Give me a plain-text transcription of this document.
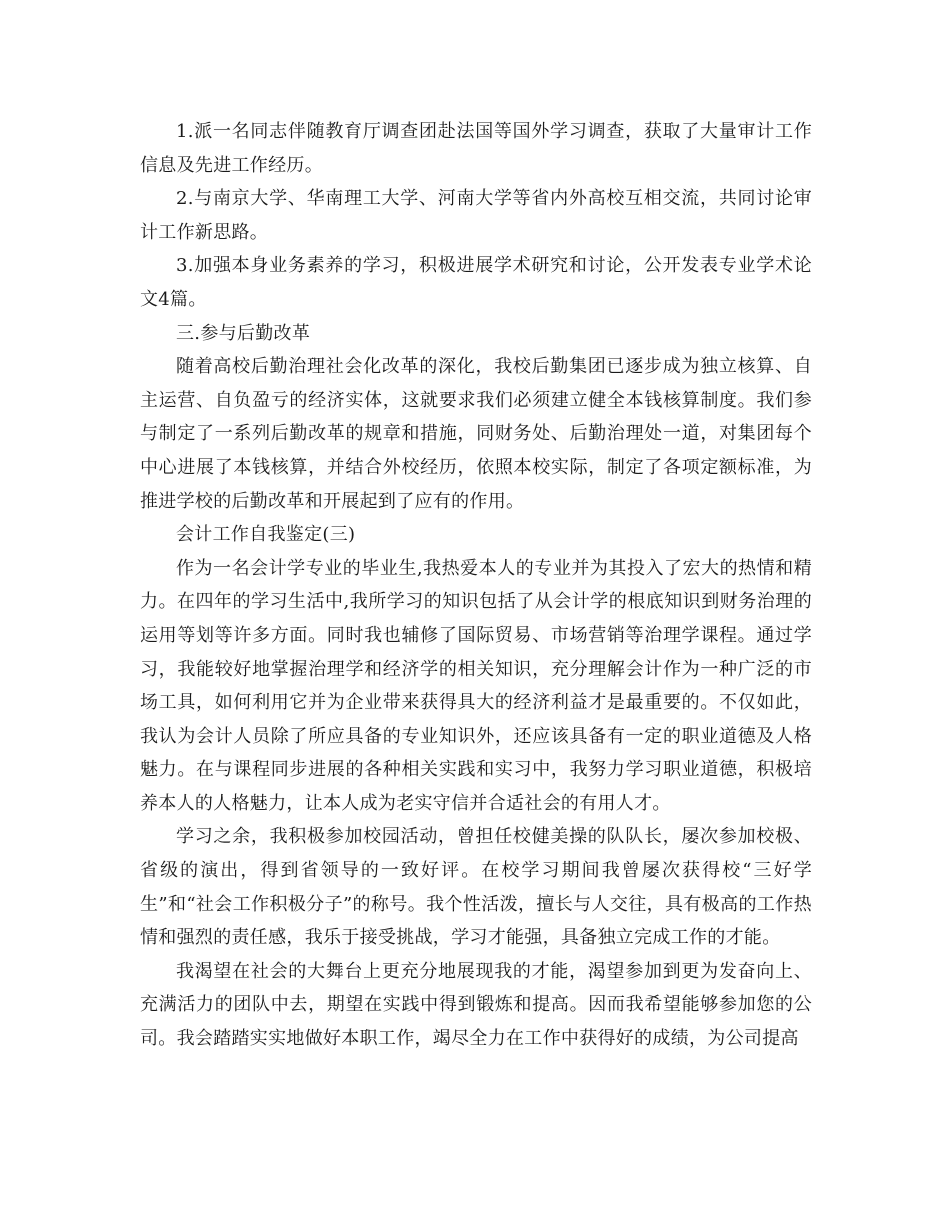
1.派一名同志伴随教育厅调查团赴法国等国外学习调查，获取了大量审计工作信息及先进工作经历。

2.与南京大学、华南理工大学、河南大学等省内外高校互相交流，共同讨论审计工作新思路。

3.加强本身业务素养的学习，积极进展学术研究和讨论，公开发表专业学术论文4篇。

三.参与后勤改革

随着高校后勤治理社会化改革的深化，我校后勤集团已逐步成为独立核算、自主运营、自负盈亏的经济实体，这就要求我们必须建立健全本钱核算制度。我们参与制定了一系列后勤改革的规章和措施，同财务处、后勤治理处一道，对集团每个中心进展了本钱核算，并结合外校经历，依照本校实际，制定了各项定额标准，为推进学校的后勤改革和开展起到了应有的作用。

会计工作自我鉴定(三)

作为一名会计学专业的毕业生,我热爱本人的专业并为其投入了宏大的热情和精力。在四年的学习生活中,我所学习的知识包括了从会计学的根底知识到财务治理的运用等划等许多方面。同时我也辅修了国际贸易、市场营销等治理学课程。通过学习，我能较好地掌握治理学和经济学的相关知识，充分理解会计作为一种广泛的市场工具，如何利用它并为企业带来获得具大的经济利益才是最重要的。不仅如此，我认为会计人员除了所应具备的专业知识外，还应该具备有一定的职业道德及人格魅力。在与课程同步进展的各种相关实践和实习中，我努力学习职业道德，积极培养本人的人格魅力，让本人成为老实守信并合适社会的有用人才。

学习之余，我积极参加校园活动，曾担任校健美操的队队长，屡次参加校极、省级的演出，得到省领导的一致好评。在校学习期间我曾屡次获得校“三好学生”和“社会工作积极分子”的称号。我个性活泼，擅长与人交往，具有极高的工作热情和强烈的责任感，我乐于接受挑战，学习才能强，具备独立完成工作的才能。

我渴望在社会的大舞台上更充分地展现我的才能，渴望参加到更为发奋向上、充满活力的团队中去，期望在实践中得到锻炼和提高。因而我希望能够参加您的公司。我会踏踏实实地做好本职工作，竭尽全力在工作中获得好的成绩，为公司提高
